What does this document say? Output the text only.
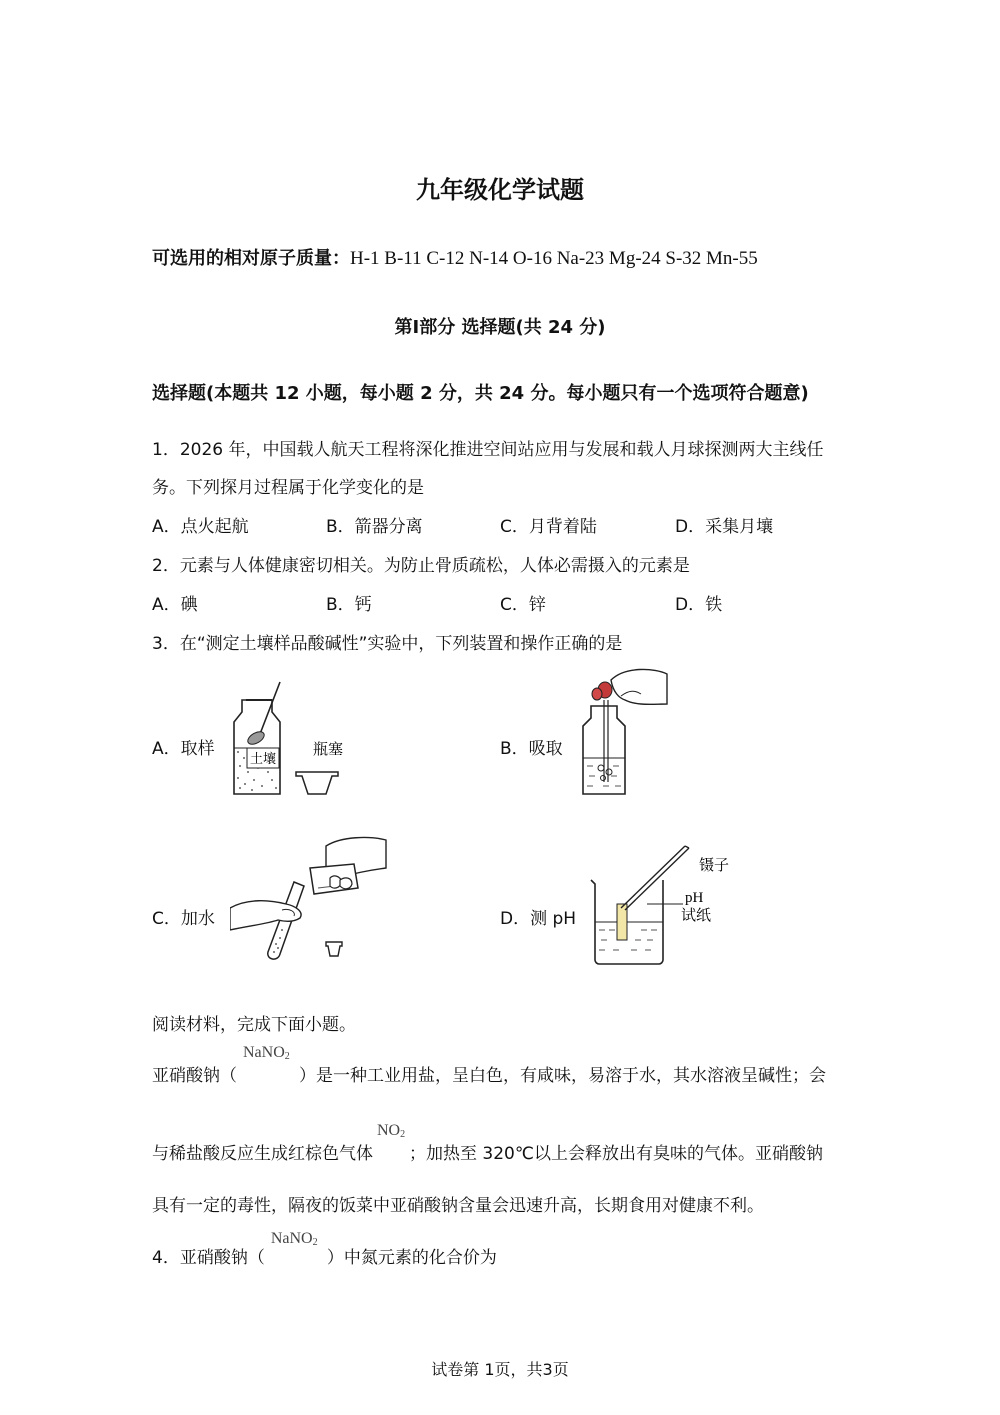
九年级化学试题
可选用的相对原子质量：H-1 B-11 C-12 N-14 O-16 Na-23 Mg-24 S-32 Mn-55
第Ⅰ部分 选择题(共 24 分)
选择题(本题共 12 小题，每小题 2 分，共 24 分。每小题只有一个选项符合题意)
1．2026 年，中国载人航天工程将深化推进空间站应用与发展和载人月球探测两大主线任
务。下列探月过程属于化学变化的是
A．点火起航	B．箭器分离	C．月背着陆	D．采集月壤
2．元素与人体健康密切相关。为防止骨质疏松，人体必需摄入的元素是
A．碘	B．钙	C．锌	D．铁
3．在“测定土壤样品酸碱性”实验中，下列装置和操作正确的是
A．取样	B．吸取
C．加水	D．测 pH
土壤
瓶塞
镊子
pH
试纸
阅读材料，完成下面小题。
亚硝酸钠（
NaNO$_2$
）是一种工业用盐，呈白色，有咸味，易溶于水，其水溶液呈碱性；会
与稀盐酸反应生成红棕色气体
$NO_2$
；加热至 320℃以上会释放出有臭味的气体。亚硝酸钠
具有一定的毒性，隔夜的饭菜中亚硝酸钠含量会迅速升高，长期食用对健康不利。
4．亚硝酸钠（
NaNO$_2$
）中氮元素的化合价为
试卷第 1页，共3页
